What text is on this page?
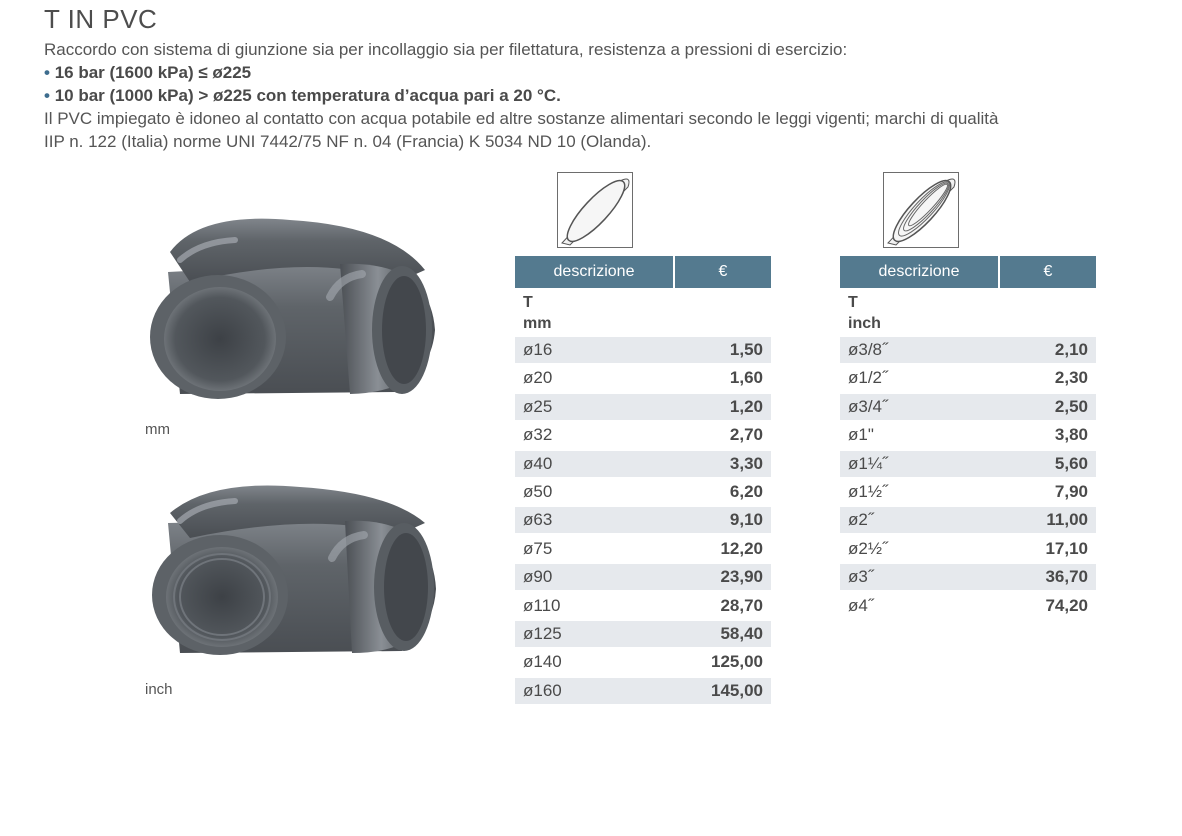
T IN PVC
Raccordo con sistema di giunzione sia per incollaggio sia per filettatura, resistenza a pressioni di esercizio:
• 16 bar (1600 kPa) ≤ ø225
• 10 bar (1000 kPa) > ø225 con temperatura d’acqua pari a 20 °C.
Il PVC impiegato è idoneo al contatto con acqua potabile ed altre sostanze alimentari secondo le leggi vigenti; marchi di qualità
IIP n. 122 (Italia) norme UNI 7442/75 NF n. 04 (Francia) K 5034 ND 10 (Olanda).
mm
inch
descrizione	€
T
mm
ø16	1,50
ø20	1,60
ø25	1,20
ø32	2,70
ø40	3,30
ø50	6,20
ø63	9,10
ø75	12,20
ø90	23,90
ø110	28,70
ø125	58,40
ø140	125,00
ø160	145,00
descrizione	€
T
inch
ø3/8˝	2,10
ø1/2˝	2,30
ø3/4˝	2,50
ø1"	3,80
ø1¼˝	5,60
ø1½˝	7,90
ø2˝	11,00
ø2½˝	17,10
ø3˝	36,70
ø4˝	74,20
